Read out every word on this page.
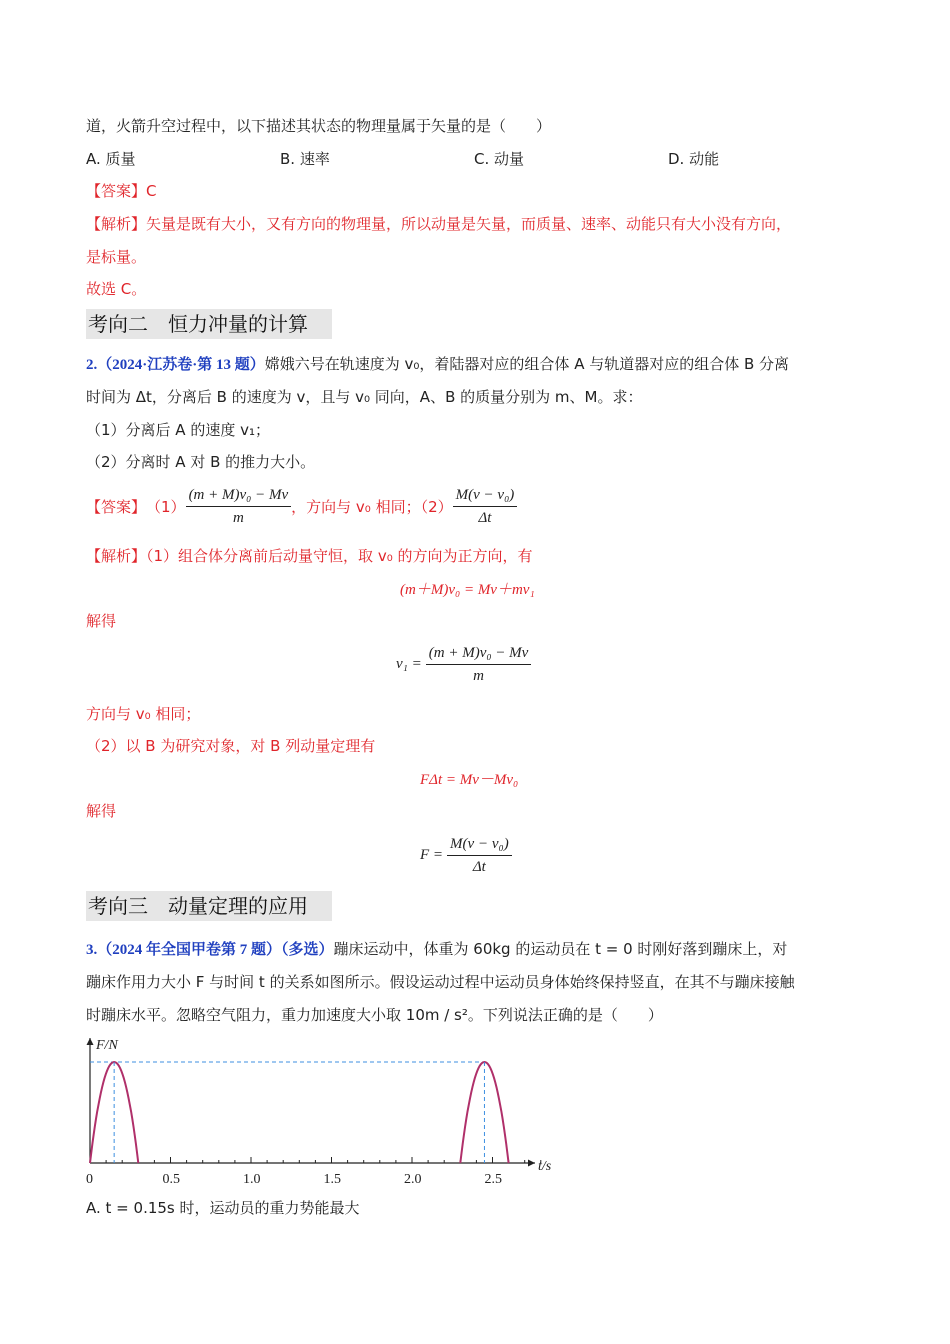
道，火箭升空过程中，以下描述其状态的物理量属于矢量的是（　　）
A. 质量	B. 速率	C. 动量	D. 动能
【答案】C
【解析】矢量是既有大小，又有方向的物理量，所以动量是矢量，而质量、速率、动能只有大小没有方向，
是标量。
故选 C。
考向二　恒力冲量的计算
2.（2024·江苏卷·第 13 题）嫦娥六号在轨速度为 v₀，着陆器对应的组合体 A 与轨道器对应的组合体 B 分离
时间为 Δt，分离后 B 的速度为 v，且与 v₀ 同向，A、B 的质量分别为 m、M。求：
（1）分离后 A 的速度 v₁；
（2）分离时 A 对 B 的推力大小。
【答案】 $(1) \frac{\text{(m + M)v₀ − Mv}}{m}$ ，方向与 v₀ 相同；$(2) \frac{\text{M(v − v₀)}}{\Delta t}$
【解析】（1）组合体分离前后动量守恒，取 v₀ 的方向为正方向，有
(m＋M)v₀ = Mv＋mv₁
解得
$v_1 = \frac{\text{(m + M)v₀ − Mv}}{m}$
方向与 v₀ 相同；
（2）以 B 为研究对象，对 B 列动量定理有
FΔt = Mv－Mv₀
解得
$F = \frac{\text{M(v − v₀)}}{\Delta t}$
考向三　动量定理的应用
3.（2024 年全国甲卷第 7 题）（多选）蹦床运动中，体重为 60kg 的运动员在 t = 0 时刚好落到蹦床上，对
蹦床作用力大小 F 与时间 t 的关系如图所示。假设运动过程中运动员身体始终保持竖直，在其不与蹦床接触
时蹦床水平。忽略空气阻力，重力加速度大小取 10m / s²。下列说法正确的是（　　）
0	0.5	1.0	1.5	2.0	2.5
F/N
t/s
A. t = 0.15s 时，运动员的重力势能最大
